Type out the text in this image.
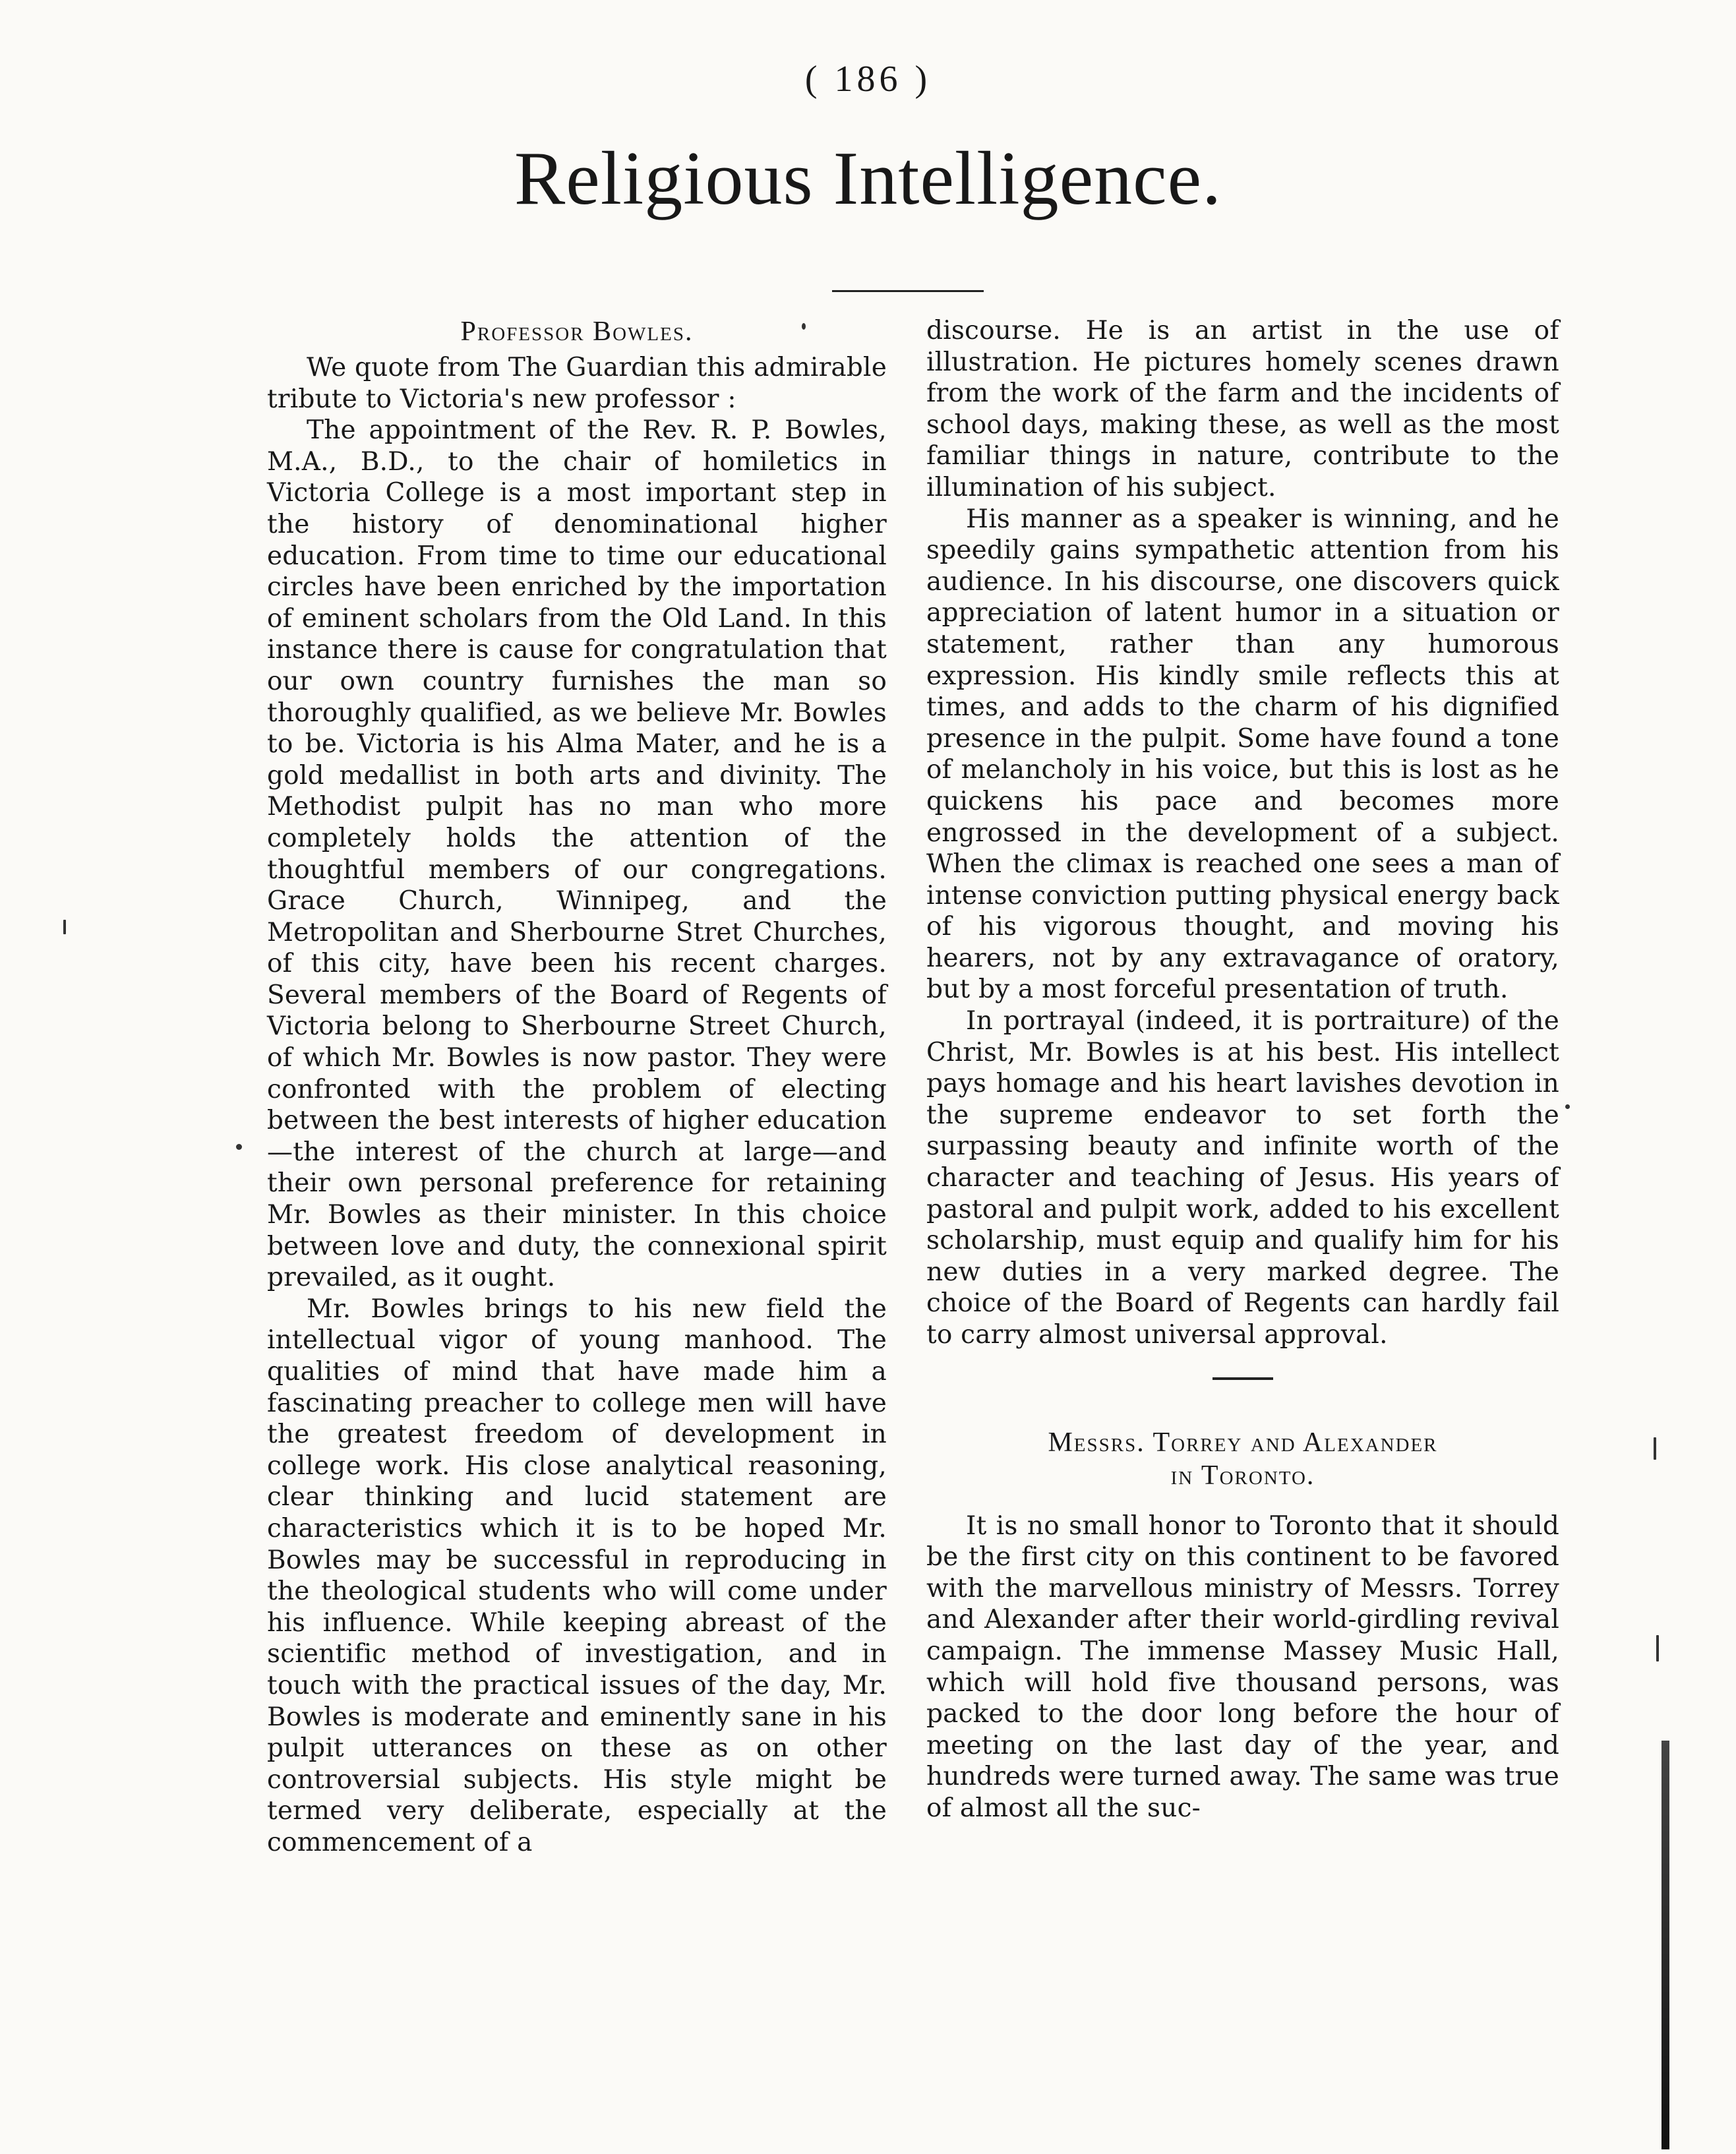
( 186 )
Religious Intelligence.
Professor Bowles.

We quote from The Guardian this admirable tribute to Victoria's new professor :

The appointment of the Rev. R. P. Bowles, M.A., B.D., to the chair of homiletics in Victoria College is a most important step in the history of denominational higher education. From time to time our educational circles have been enriched by the importation of eminent scholars from the Old Land. In this instance there is cause for congratulation that our own country furnishes the man so thoroughly qualified, as we believe Mr. Bowles to be. Victoria is his Alma Mater, and he is a gold medallist in both arts and divinity. The Methodist pulpit has no man who more completely holds the attention of the thoughtful members of our congregations. Grace Church, Winnipeg, and the Metropolitan and Sherbourne Stret Churches, of this city, have been his recent charges. Several members of the Board of Regents of Victoria belong to Sherbourne Street Church, of which Mr. Bowles is now pastor. They were confronted with the problem of electing between the best interests of higher education—the interest of the church at large—and their own personal preference for retaining Mr. Bowles as their minister. In this choice between love and duty, the connexional spirit prevailed, as it ought.

Mr. Bowles brings to his new field the intellectual vigor of young manhood. The qualities of mind that have made him a fascinating preacher to college men will have the greatest freedom of development in college work. His close analytical reasoning, clear thinking and lucid statement are characteristics which it is to be hoped Mr. Bowles may be successful in reproducing in the theological students who will come under his influence. While keeping abreast of the scientific method of investigation, and in touch with the practical issues of the day, Mr. Bowles is moderate and eminently sane in his pulpit utterances on these as on other controversial subjects. His style might be termed very deliberate, especially at the commencement of a

discourse. He is an artist in the use of illustration. He pictures homely scenes drawn from the work of the farm and the incidents of school days, making these, as well as the most familiar things in nature, contribute to the illumination of his subject.

His manner as a speaker is winning, and he speedily gains sympathetic attention from his audience. In his discourse, one discovers quick appreciation of latent humor in a situation or statement, rather than any humorous expression. His kindly smile reflects this at times, and adds to the charm of his dignified presence in the pulpit. Some have found a tone of melancholy in his voice, but this is lost as he quickens his pace and becomes more engrossed in the development of a subject. When the climax is reached one sees a man of intense conviction putting physical energy back of his vigorous thought, and moving his hearers, not by any extravagance of oratory, but by a most forceful presentation of truth.

In portrayal (indeed, it is portraiture) of the Christ, Mr. Bowles is at his best. His intellect pays homage and his heart lavishes devotion in the supreme endeavor to set forth the surpassing beauty and infinite worth of the character and teaching of Jesus. His years of pastoral and pulpit work, added to his excellent scholarship, must equip and qualify him for his new duties in a very marked degree. The choice of the Board of Regents can hardly fail to carry almost universal approval.

Messrs. Torrey and Alexander
in Toronto.

It is no small honor to Toronto that it should be the first city on this continent to be favored with the marvellous ministry of Messrs. Torrey and Alexander after their world-girdling revival campaign. The immense Massey Music Hall, which will hold five thousand persons, was packed to the door long before the hour of meeting on the last day of the year, and hundreds were turned away. The same was true of almost all the suc-
